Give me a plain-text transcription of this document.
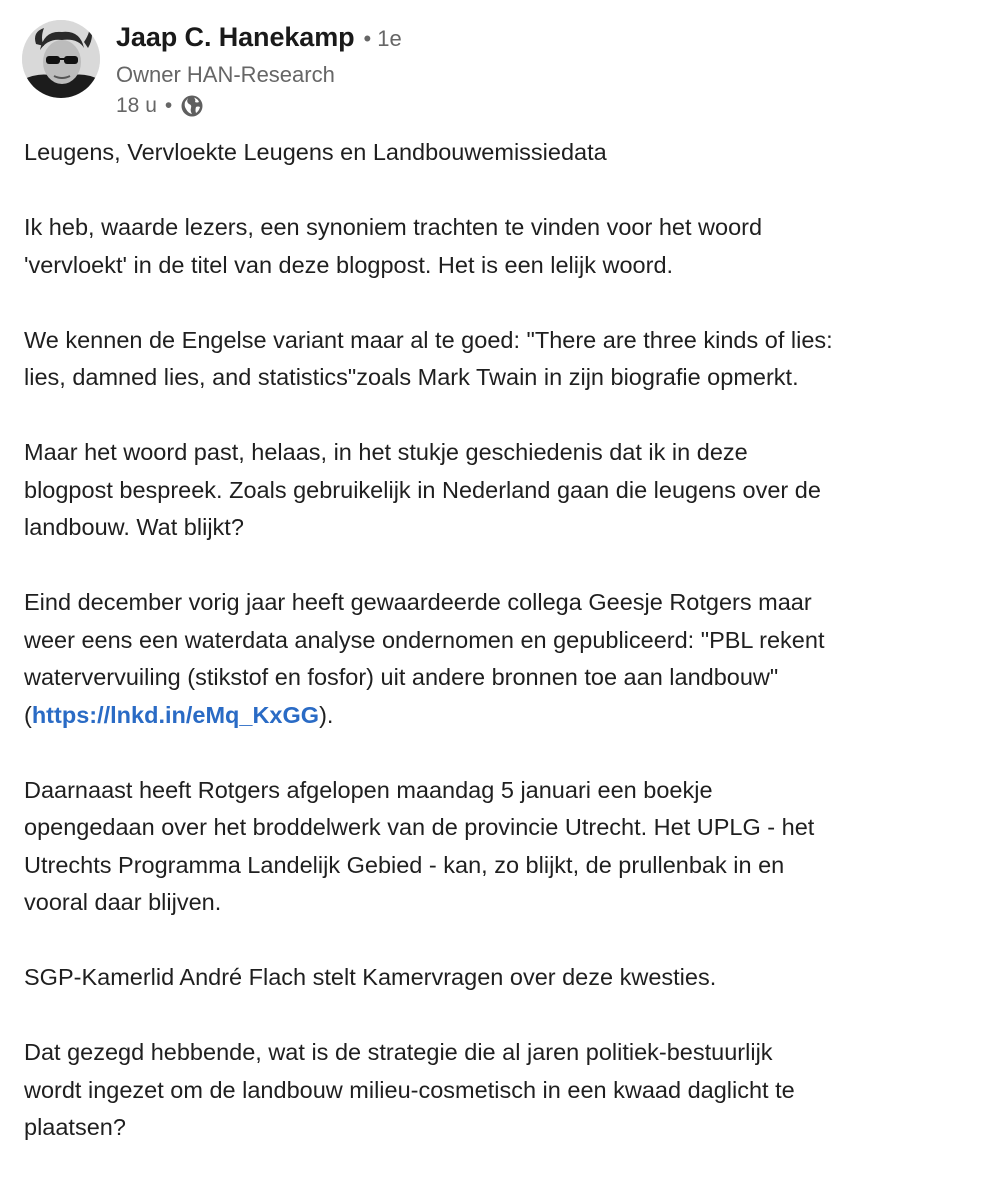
Jaap C. Hanekamp • 1e
Owner HAN-Research
18 u •

Leugens, Vervloekte Leugens en Landbouwemissiedata

Ik heb, waarde lezers, een synoniem trachten te vinden voor het woord
'vervloekt' in de titel van deze blogpost. Het is een lelijk woord.

We kennen de Engelse variant maar al te goed: "There are three kinds of lies:
lies, damned lies, and statistics"zoals Mark Twain in zijn biografie opmerkt.

Maar het woord past, helaas, in het stukje geschiedenis dat ik in deze
blogpost bespreek. Zoals gebruikelijk in Nederland gaan die leugens over de
landbouw. Wat blijkt?

Eind december vorig jaar heeft gewaardeerde collega Geesje Rotgers maar
weer eens een waterdata analyse ondernomen en gepubliceerd: "PBL rekent
watervervuiling (stikstof en fosfor) uit andere bronnen toe aan landbouw"
(https://lnkd.in/eMq_KxGG).

Daarnaast heeft Rotgers afgelopen maandag 5 januari een boekje
opengedaan over het broddelwerk van de provincie Utrecht. Het UPLG - het
Utrechts Programma Landelijk Gebied - kan, zo blijkt, de prullenbak in en
vooral daar blijven.

SGP-Kamerlid André Flach stelt Kamervragen over deze kwesties.

Dat gezegd hebbende, wat is de strategie die al jaren politiek-bestuurlijk
wordt ingezet om de landbouw milieu-cosmetisch in een kwaad daglicht te
plaatsen?
